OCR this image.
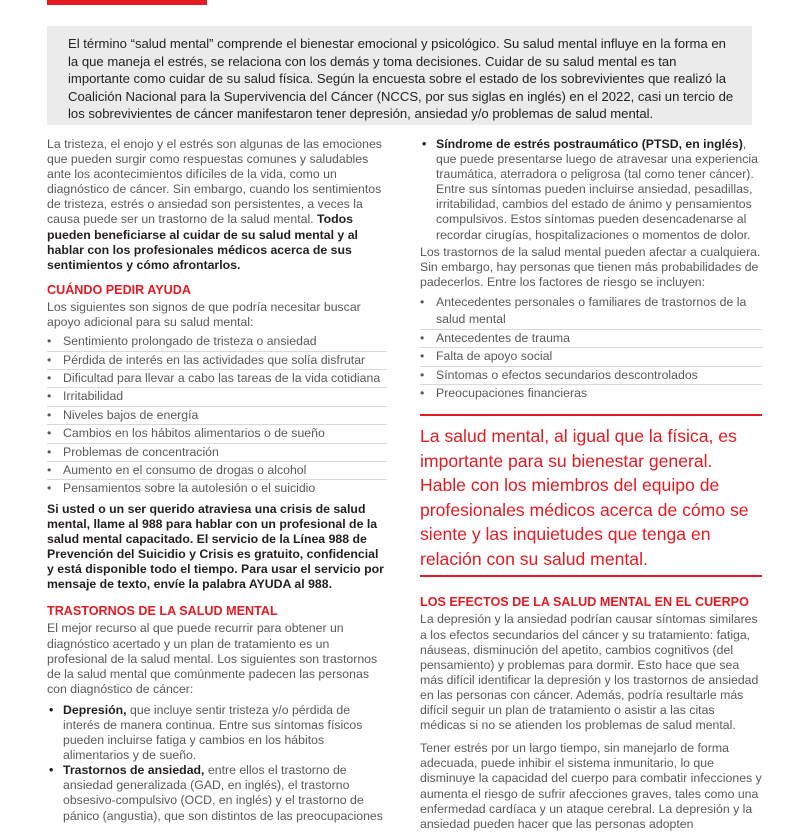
El término “salud mental” comprende el bienestar emocional y psicológico. Su salud mental influye en la forma en la que maneja el estrés, se relaciona con los demás y toma decisiones. Cuidar de su salud mental es tan importante como cuidar de su salud física. Según la encuesta sobre el estado de los sobrevivientes que realizó la Coalición Nacional para la Supervivencia del Cáncer (NCCS, por sus siglas en inglés) en el 2022, casi un tercio de los sobrevivientes de cáncer manifestaron tener depresión, ansiedad y/o problemas de salud mental.

La tristeza, el enojo y el estrés son algunas de las emociones que pueden surgir como respuestas comunes y saludables ante los acontecimientos difíciles de la vida, como un diagnóstico de cáncer. Sin embargo, cuando los sentimientos de tristeza, estrés o ansiedad son persistentes, a veces la causa puede ser un trastorno de la salud mental. Todos pueden beneficiarse al cuidar de su salud mental y al hablar con los profesionales médicos acerca de sus sentimientos y cómo afrontarlos.

CUÁNDO PEDIR AYUDA

Los siguientes son signos de que podría necesitar buscar apoyo adicional para su salud mental:

• Sentimiento prolongado de tristeza o ansiedad
• Pérdida de interés en las actividades que solía disfrutar
• Dificultad para llevar a cabo las tareas de la vida cotidiana
• Irritabilidad
• Niveles bajos de energía
• Cambios en los hábitos alimentarios o de sueño
• Problemas de concentración
• Aumento en el consumo de drogas o alcohol
• Pensamientos sobre la autolesión o el suicidio

Si usted o un ser querido atraviesa una crisis de salud mental, llame al 988 para hablar con un profesional de la salud mental capacitado. El servicio de la Línea 988 de Prevención del Suicidio y Crisis es gratuito, confidencial y está disponible todo el tiempo. Para usar el servicio por mensaje de texto, envíe la palabra AYUDA al 988.

TRASTORNOS DE LA SALUD MENTAL

El mejor recurso al que puede recurrir para obtener un diagnóstico acertado y un plan de tratamiento es un profesional de la salud mental. Los siguientes son trastornos de la salud mental que comúnmente padecen las personas con diagnóstico de cáncer:

• Depresión, que incluye sentir tristeza y/o pérdida de interés de manera continua. Entre sus síntomas físicos pueden incluirse fatiga y cambios en los hábitos alimentarios y de sueño.
• Trastornos de ansiedad, entre ellos el trastorno de ansiedad generalizada (GAD, en inglés), el trastorno obsesivo-compulsivo (OCD, en inglés) y el trastorno de pánico (angustia), que son distintos de las preocupaciones
• Síndrome de estrés postraumático (PTSD, en inglés), que puede presentarse luego de atravesar una experiencia traumática, aterradora o peligrosa (tal como tener cáncer). Entre sus síntomas pueden incluirse ansiedad, pesadillas, irritabilidad, cambios del estado de ánimo y pensamientos compulsivos. Estos síntomas pueden desencadenarse al recordar cirugías, hospitalizaciones o momentos de dolor.

Los trastornos de la salud mental pueden afectar a cualquiera. Sin embargo, hay personas que tienen más probabilidades de padecerlos. Entre los factores de riesgo se incluyen:

• Antecedentes personales o familiares de trastornos de la salud mental
• Antecedentes de trauma
• Falta de apoyo social
• Síntomas o efectos secundarios descontrolados
• Preocupaciones financieras

La salud mental, al igual que la física, es importante para su bienestar general. Hable con los miembros del equipo de profesionales médicos acerca de cómo se siente y las inquietudes que tenga en relación con su salud mental.

LOS EFECTOS DE LA SALUD MENTAL EN EL CUERPO

La depresión y la ansiedad podrían causar síntomas similares a los efectos secundarios del cáncer y su tratamiento: fatiga, náuseas, disminución del apetito, cambios cognitivos (del pensamiento) y problemas para dormir. Esto hace que sea más difícil identificar la depresión y los trastornos de ansiedad en las personas con cáncer. Además, podría resultarle más difícil seguir un plan de tratamiento o asistir a las citas médicas si no se atienden los problemas de salud mental.

Tener estrés por un largo tiempo, sin manejarlo de forma adecuada, puede inhibir el sistema inmunitario, lo que disminuye la capacidad del cuerpo para combatir infecciones y aumenta el riesgo de sufrir afecciones graves, tales como una enfermedad cardíaca y un ataque cerebral. La depresión y la ansiedad pueden hacer que las personas adopten
